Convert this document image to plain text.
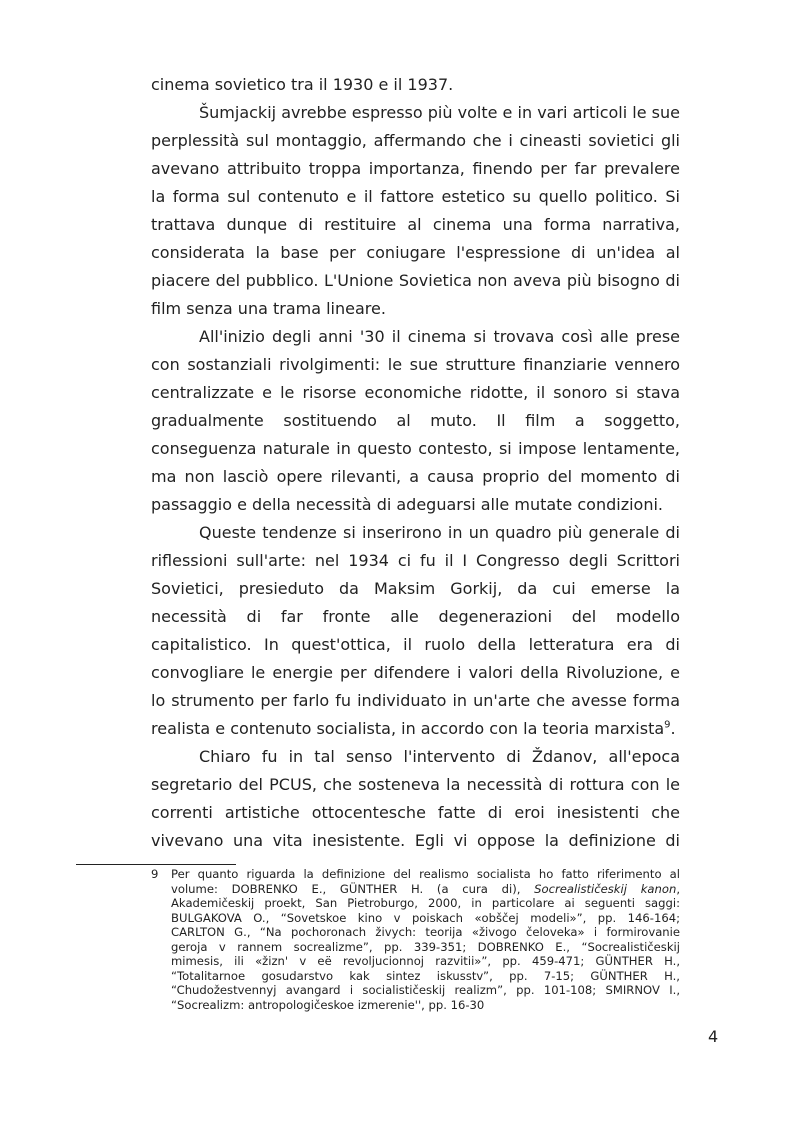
cinema sovietico tra il 1930 e il 1937.
Šumjackij avrebbe espresso più volte e in vari articoli le sue
perplessità sul montaggio, affermando che i cineasti sovietici gli
avevano attribuito troppa importanza, finendo per far prevalere
la forma sul contenuto e il fattore estetico su quello politico. Si
trattava dunque di restituire al cinema una forma narrativa,
considerata la base per coniugare l'espressione di un'idea al
piacere del pubblico. L'Unione Sovietica non aveva più bisogno di
film senza una trama lineare.
All'inizio degli anni '30 il cinema si trovava così alle prese
con sostanziali rivolgimenti: le sue strutture finanziarie vennero
centralizzate e le risorse economiche ridotte, il sonoro si stava
gradualmente sostituendo al muto. Il film a soggetto,
conseguenza naturale in questo contesto, si impose lentamente,
ma non lasciò opere rilevanti, a causa proprio del momento di
passaggio e della necessità di adeguarsi alle mutate condizioni.
Queste tendenze si inserirono in un quadro più generale di
riflessioni sull'arte: nel 1934 ci fu il I Congresso degli Scrittori
Sovietici, presieduto da Maksim Gorkij, da cui emerse la
necessità di far fronte alle degenerazioni del modello
capitalistico. In quest'ottica, il ruolo della letteratura era di
convogliare le energie per difendere i valori della Rivoluzione, e
lo strumento per farlo fu individuato in un'arte che avesse forma
realista e contenuto socialista, in accordo con la teoria marxista$^9$.
Chiaro fu in tal senso l'intervento di Ždanov, all'epoca
segretario del PCUS, che sosteneva la necessità di rottura con le
correnti artistiche ottocentesche fatte di eroi inesistenti che
vivevano una vita inesistente. Egli vi oppose la definizione di
9	Per quanto riguarda la definizione del realismo socialista ho fatto riferimento al
volume: DOBRENKO E., GÜNTHER H. (a cura di), Socrealističeskij kanon,
Akademičeskij proekt, San Pietroburgo, 2000, in particolare ai seguenti saggi:
BULGAKOVA O., “Sovetskoe kino v poiskach «obščej modeli»”, pp. 146-164;
CARLTON G., “Na pochoronach živych: teorija «živogo čeloveka» i formirovanie
geroja v rannem socrealizme”, pp. 339-351; DOBRENKO E., “Socrealističeskij
mimesis, ili «žizn' v eë revoljucionnoj razvitii»”, pp. 459-471; GÜNTHER H.,
“Totalitarnoe gosudarstvo kak sintez iskusstv”, pp. 7-15; GÜNTHER H.,
“Chudožestvennyj avangard i socialističeskij realizm”, pp. 101-108; SMIRNOV I.,
“Socrealizm: antropologičeskoe izmerenie'', pp. 16-30
4
